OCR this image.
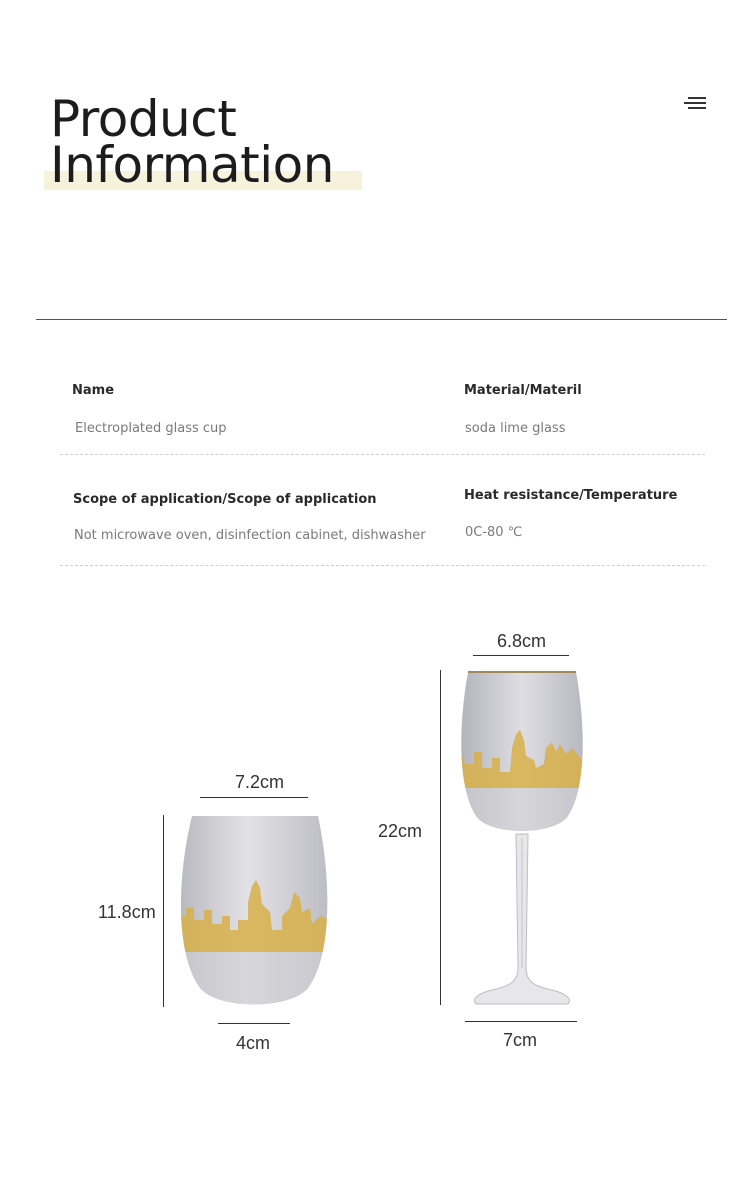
Product
Information
Name
Electroplated glass cup
Material/Materil
soda lime glass
Scope of application/Scope of application
Not microwave oven, disinfection cabinet, dishwasher
Heat resistance/Temperature
0C-80 ℃
7.2cm
11.8cm
4cm
6.8cm
22cm
7cm
